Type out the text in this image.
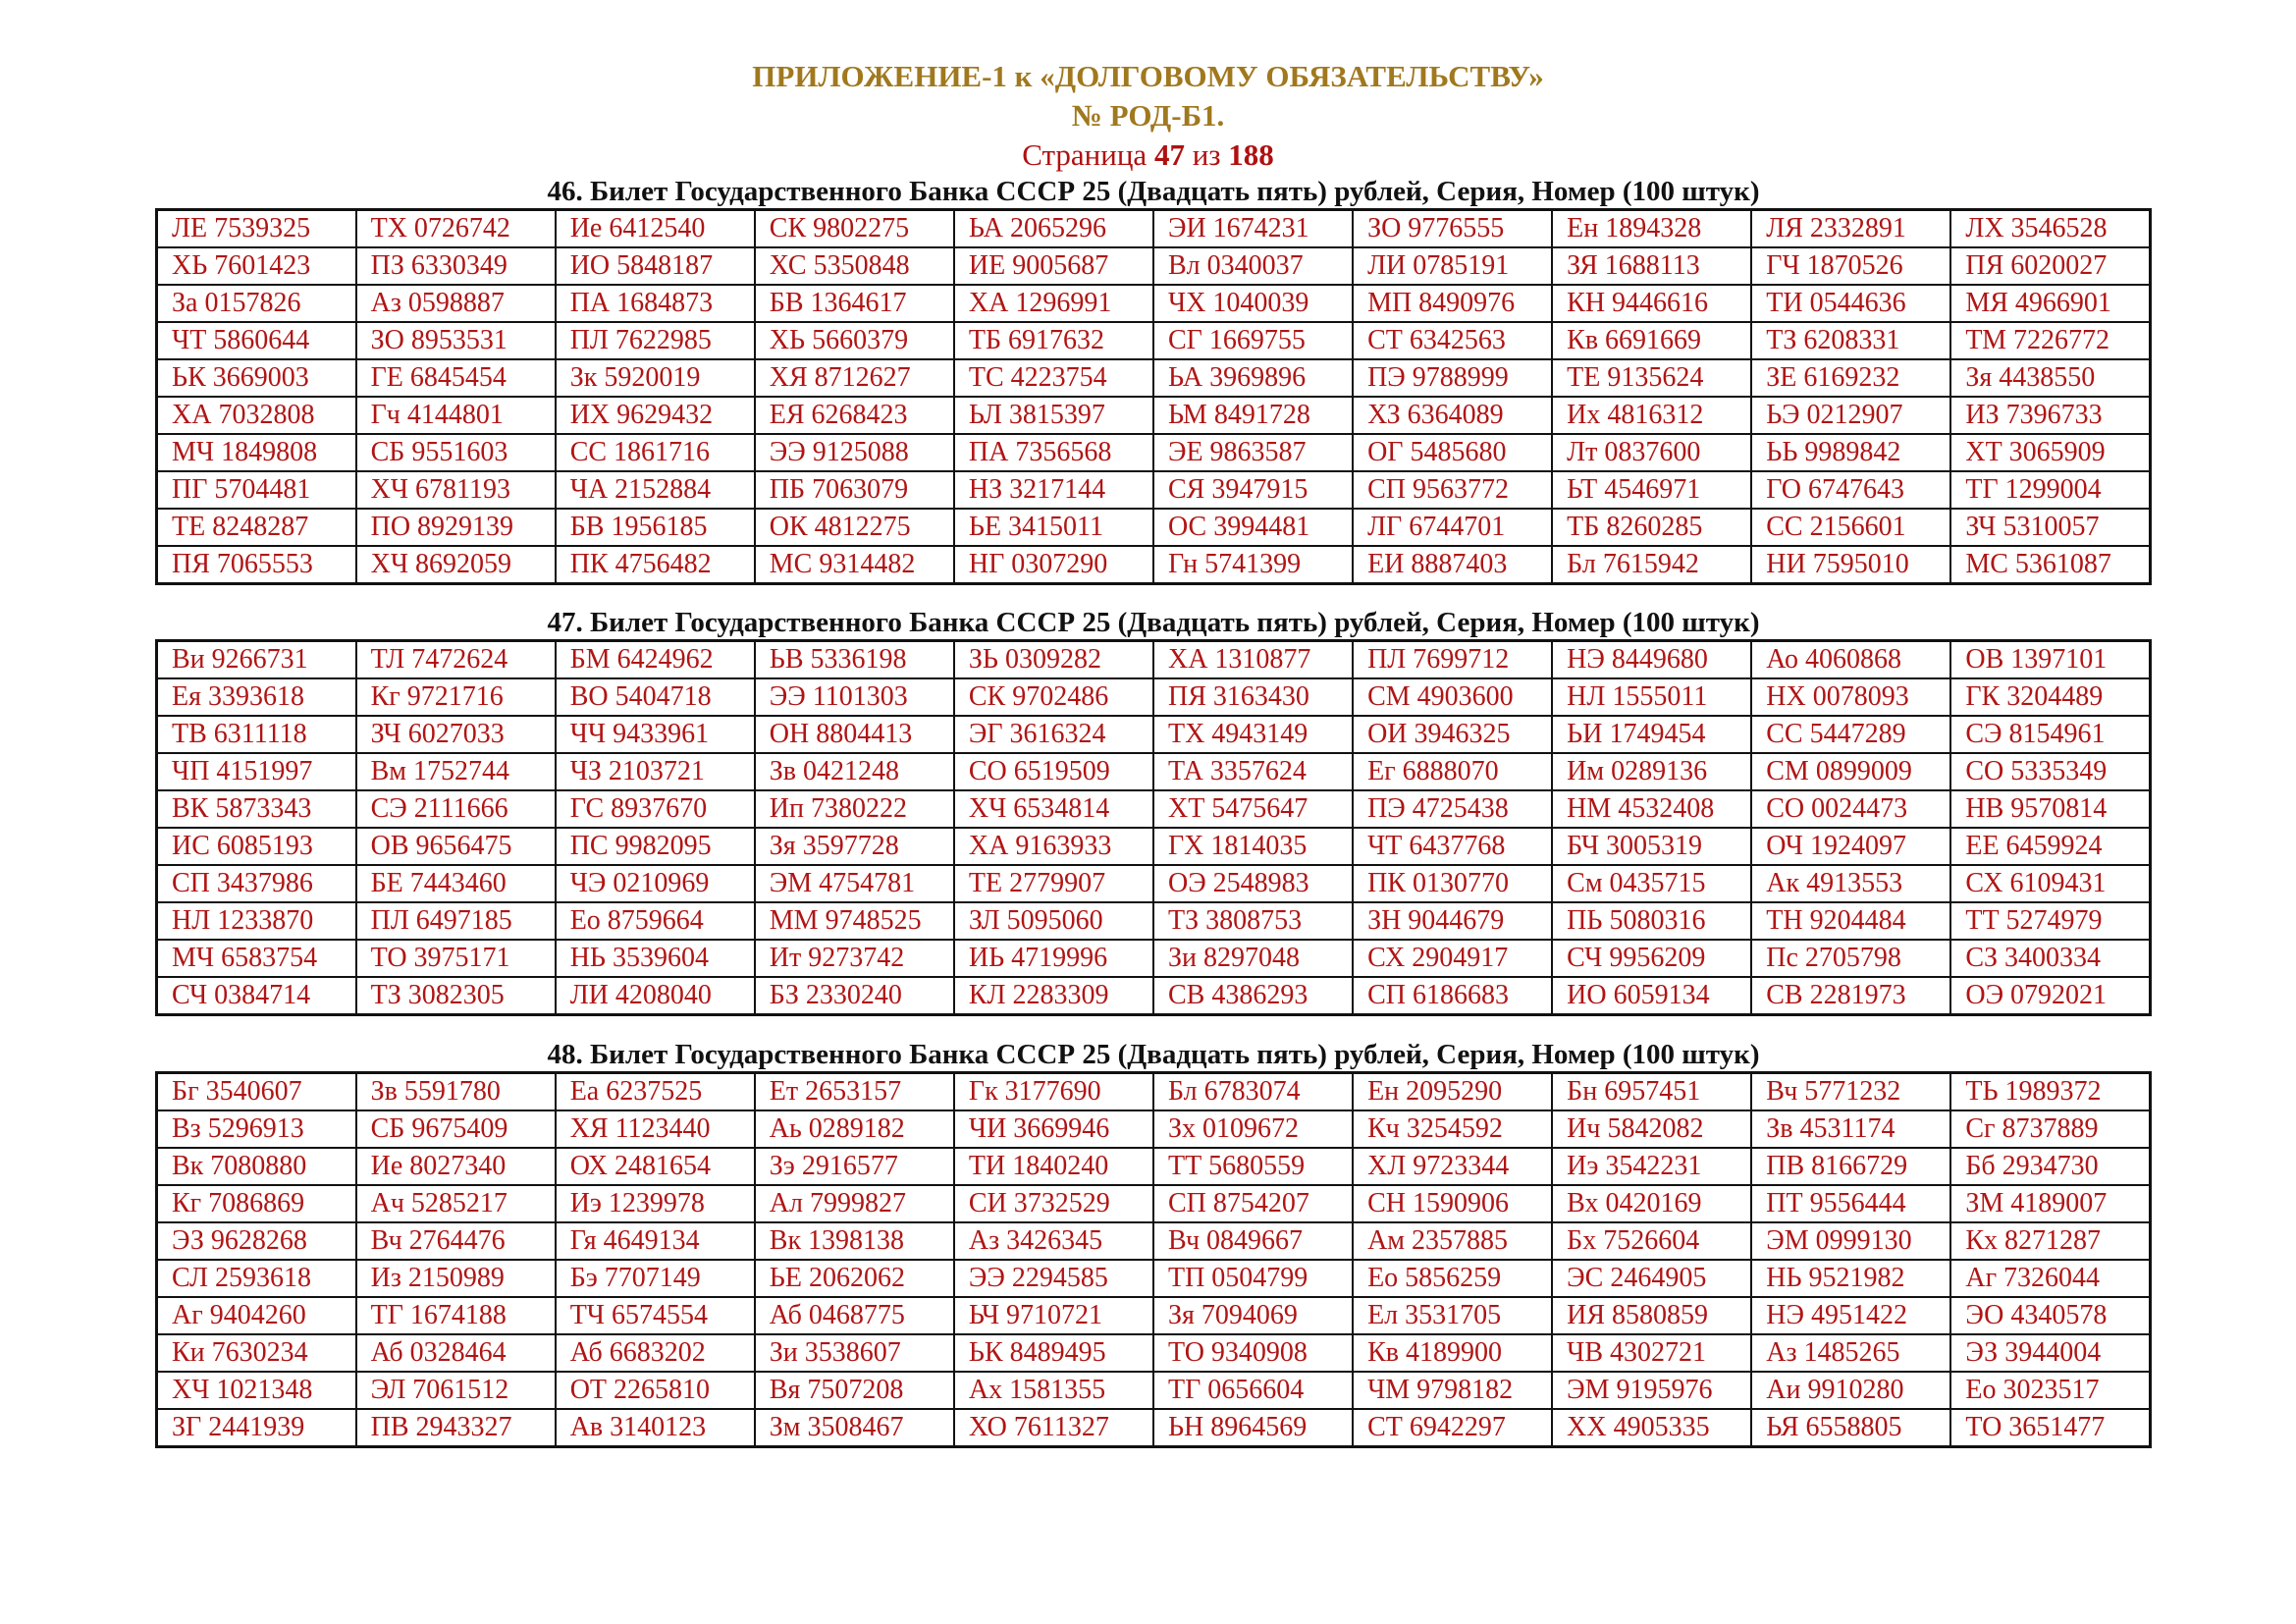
ПРИЛОЖЕНИЕ-1 к «ДОЛГОВОМУ ОБЯЗАТЕЛЬСТВУ»
№ РОД-Б1.
Страница 47 из 188
46. Билет Государственного Банка СССР 25 (Двадцать пять) рублей, Серия, Номер (100 штук)
ЛЕ 7539325	ТХ 0726742	Ие 6412540	СК 9802275	ЬА 2065296	ЭИ 1674231	ЗО 9776555	Ен 1894328	ЛЯ 2332891	ЛХ 3546528
ХЬ 7601423	ПЗ 6330349	ИО 5848187	ХС 5350848	ИЕ 9005687	Вл 0340037	ЛИ 0785191	ЗЯ 1688113	ГЧ 1870526	ПЯ 6020027
За 0157826	Аз 0598887	ПА 1684873	БВ 1364617	ХА 1296991	ЧХ 1040039	МП 8490976	КН 9446616	ТИ 0544636	МЯ 4966901
ЧТ 5860644	ЗО 8953531	ПЛ 7622985	ХЬ 5660379	ТБ 6917632	СГ 1669755	СТ 6342563	Кв 6691669	ТЗ 6208331	ТМ 7226772
ЬК 3669003	ГЕ 6845454	Зк 5920019	ХЯ 8712627	ТС 4223754	ЬА 3969896	ПЭ 9788999	ТЕ 9135624	ЗЕ 6169232	Зя 4438550
ХА 7032808	Гч 4144801	ИХ 9629432	ЕЯ 6268423	ЬЛ 3815397	ЬМ 8491728	ХЗ 6364089	Их 4816312	ЬЭ 0212907	ИЗ 7396733
МЧ 1849808	СБ 9551603	СС 1861716	ЭЭ 9125088	ПА 7356568	ЭЕ 9863587	ОГ 5485680	Лт 0837600	ЬЬ 9989842	ХТ 3065909
ПГ 5704481	ХЧ 6781193	ЧА 2152884	ПБ 7063079	НЗ 3217144	СЯ 3947915	СП 9563772	ЬТ 4546971	ГО 6747643	ТГ 1299004
ТЕ 8248287	ПО 8929139	БВ 1956185	ОК 4812275	ЬЕ 3415011	ОС 3994481	ЛГ 6744701	ТБ 8260285	СС 2156601	ЗЧ 5310057
ПЯ 7065553	ХЧ 8692059	ПК 4756482	МС 9314482	НГ 0307290	Гн 5741399	ЕИ 8887403	Бл 7615942	НИ 7595010	МС 5361087
47. Билет Государственного Банка СССР 25 (Двадцать пять) рублей, Серия, Номер (100 штук)
Ви 9266731	ТЛ 7472624	БМ 6424962	ЬВ 5336198	ЗЬ 0309282	ХА 1310877	ПЛ 7699712	НЭ 8449680	Ао 4060868	ОВ 1397101
Ея 3393618	Кг 9721716	ВО 5404718	ЭЭ 1101303	СК 9702486	ПЯ 3163430	СМ 4903600	НЛ 1555011	НХ 0078093	ГК 3204489
ТВ 6311118	ЗЧ 6027033	ЧЧ 9433961	ОН 8804413	ЭГ 3616324	ТХ 4943149	ОИ 3946325	ЬИ 1749454	СС 5447289	СЭ 8154961
ЧП 4151997	Вм 1752744	ЧЗ 2103721	Зв 0421248	СО 6519509	ТА 3357624	Ег 6888070	Им 0289136	СМ 0899009	СО 5335349
ВК 5873343	СЭ 2111666	ГС 8937670	Ип 7380222	ХЧ 6534814	ХТ 5475647	ПЭ 4725438	НМ 4532408	СО 0024473	НВ 9570814
ИС 6085193	ОВ 9656475	ПС 9982095	Зя 3597728	ХА 9163933	ГХ 1814035	ЧТ 6437768	БЧ 3005319	ОЧ 1924097	ЕЕ 6459924
СП 3437986	БЕ 7443460	ЧЭ 0210969	ЭМ 4754781	ТЕ 2779907	ОЭ 2548983	ПК 0130770	См 0435715	Ак 4913553	СХ 6109431
НЛ 1233870	ПЛ 6497185	Ео 8759664	ММ 9748525	ЗЛ 5095060	ТЗ 3808753	ЗН 9044679	ПЬ 5080316	ТН 9204484	ТТ 5274979
МЧ 6583754	ТО 3975171	НЬ 3539604	Ит 9273742	ИЬ 4719996	Зи 8297048	СХ 2904917	СЧ 9956209	Пс 2705798	СЗ 3400334
СЧ 0384714	ТЗ 3082305	ЛИ 4208040	БЗ 2330240	КЛ 2283309	СВ 4386293	СП 6186683	ИО 6059134	СВ 2281973	ОЭ 0792021
48. Билет Государственного Банка СССР 25 (Двадцать пять) рублей, Серия, Номер (100 штук)
Бг 3540607	Зв 5591780	Еа 6237525	Ет 2653157	Гк 3177690	Бл 6783074	Ен 2095290	Бн 6957451	Вч 5771232	ТЬ 1989372
Вз 5296913	СБ 9675409	ХЯ 1123440	Аь 0289182	ЧИ 3669946	Зх 0109672	Кч 3254592	Ич 5842082	Зв 4531174	Сг 8737889
Вк 7080880	Ие 8027340	ОХ 2481654	Зэ 2916577	ТИ 1840240	ТТ 5680559	ХЛ 9723344	Иэ 3542231	ПВ 8166729	Бб 2934730
Кг 7086869	Ач 5285217	Иэ 1239978	Ал 7999827	СИ 3732529	СП 8754207	СН 1590906	Вх 0420169	ПТ 9556444	ЗМ 4189007
ЭЗ 9628268	Вч 2764476	Гя 4649134	Вк 1398138	Аз 3426345	Вч 0849667	Ам 2357885	Бх 7526604	ЭМ 0999130	Кх 8271287
СЛ 2593618	Из 2150989	Бэ 7707149	ЬЕ 2062062	ЭЭ 2294585	ТП 0504799	Ео 5856259	ЭС 2464905	НЬ 9521982	Аг 7326044
Аг 9404260	ТГ 1674188	ТЧ 6574554	Аб 0468775	ЬЧ 9710721	Зя 7094069	Ел 3531705	ИЯ 8580859	НЭ 4951422	ЭО 4340578
Ки 7630234	Аб 0328464	Аб 6683202	Зи 3538607	ЬК 8489495	ТО 9340908	Кв 4189900	ЧВ 4302721	Аз 1485265	ЭЗ 3944004
ХЧ 1021348	ЭЛ 7061512	ОТ 2265810	Вя 7507208	Ах 1581355	ТГ 0656604	ЧМ 9798182	ЭМ 9195976	Аи 9910280	Ео 3023517
ЗГ 2441939	ПВ 2943327	Ав 3140123	Зм 3508467	ХО 7611327	ЬН 8964569	СТ 6942297	ХХ 4905335	ЬЯ 6558805	ТО 3651477
